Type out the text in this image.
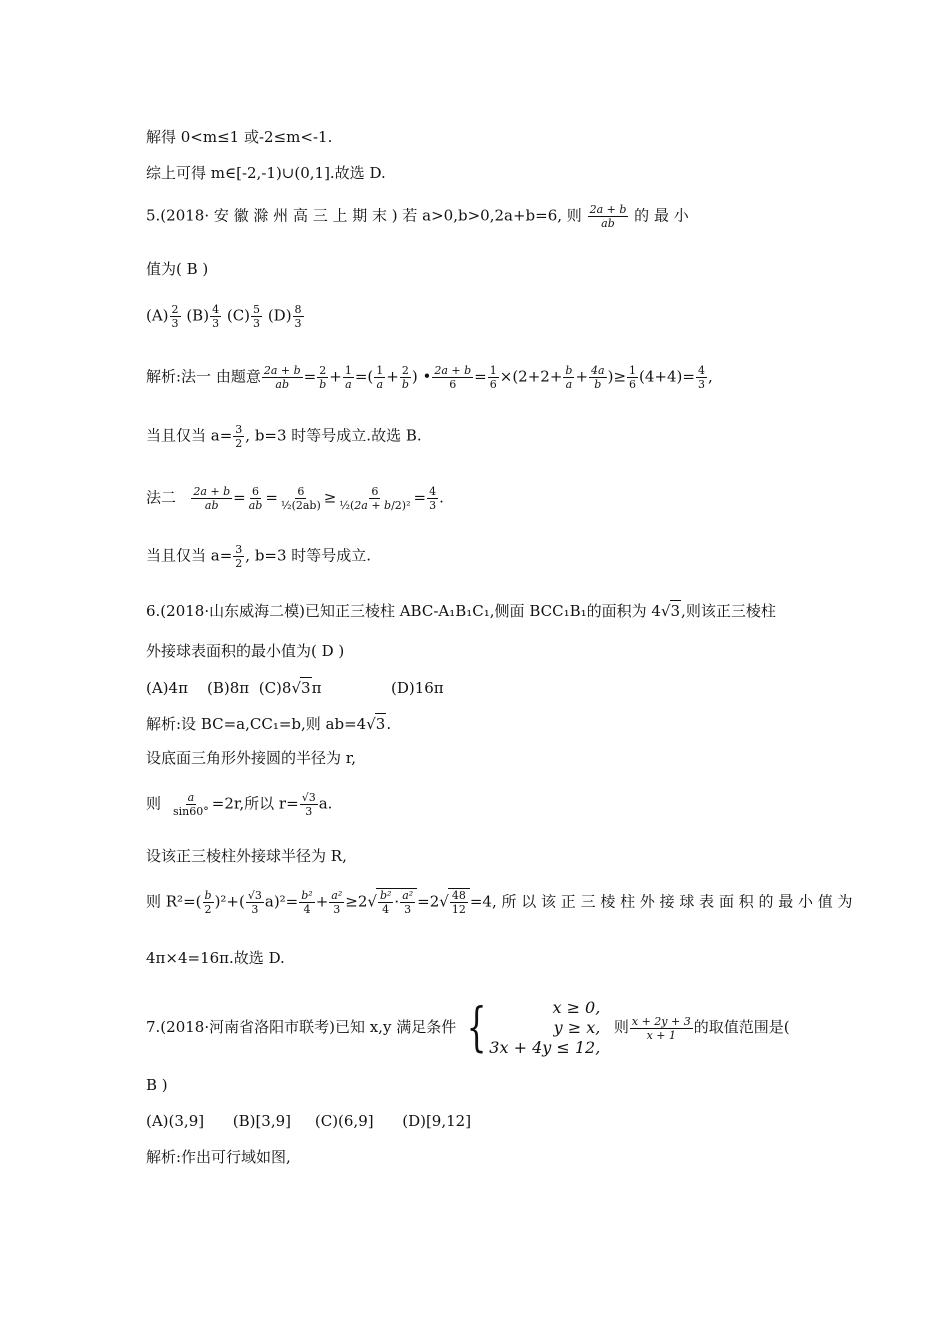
解得 0<m≤1 或-2≤m<-1.
综上可得 m∈[-2,-1)∪(0,1].故选 D.
5.(2018· 安 徽 滁 州 高 三 上 期 末 ) 若 a>0,b>0,2a+b=6, 则 $\frac{2a + b}{ab}$ 的 最 小
值为( B )
$(A) \frac{2}{3} (B) \frac{4}{3} (C) \frac{5}{3} (D) \frac{8}{3}$
解析:法一 由题意 $\frac{2a + b}{ab} = \frac{2}{b} + \frac{1}{a}$ =( $\frac{1}{a} + \frac{2}{b}$ ) • $\frac{2a + b}{6} = \frac{1}{6} \times(2+2+ \frac{b}{a} + \frac{4a}{b}$ )≥ $\frac{1}{6} (4+4)= \frac{4}{3}$ ,
当且仅当 $a= \frac{3}{2}$ , b=3 时等号成立.故选 B.
法二 $\frac{2a + b}{ab} = \frac{6}{ab} = \frac{6}{\text{½(2ab)}} \ge \frac{6}{\text{½(2a + b/2)²}} = \frac{4}{3}$ .
当且仅当 $a= \frac{3}{2}$ , b=3 时等号成立.
6.(2018·山东威海二模)已知正三棱柱 ABC-A₁B₁C₁,侧面 BCC₁B₁的面积为 4√3,则该正三棱柱
外接球表面积的最小值为( D )
(A)4π (B)8π (C)8√3π	(D)16π
解析:设 BC=a,CC₁=b,则 ab=4√3.
设底面三角形外接圆的半径为 r,
则 $\frac{a}{\sin 60^\circ} =2r$,所以 $r= \frac{√3}{3} a$.
设该正三棱柱外接球半径为 R,
则 $R^2=( \frac{b}{2} )^2+( \frac{√3}{3} a)^2= \frac{\text{b²}}{4} + \frac{\text{a²}}{3} \ge 2√ \frac{\text{b²}}{4} \cdot \frac{\text{a²}}{3} =2√ \frac{48}{12} =4$, 所 以 该 正 三 棱 柱 外 接 球 表 面 积 的 最 小 值 为
4π×4=16π.故选 D.
7.(2018·河南省洛阳市联考)已知 x,y 满足条件 {	x ≥ 0,
y ≥ x,
3x + 4y ≤ 12,
则 $\frac{x + 2y + 3}{x + 1}$ 的取值范围是(
B )
(A)(3,9] (B)[3,9] (C)(6,9] (D)[9,12]
解析:作出可行域如图,
